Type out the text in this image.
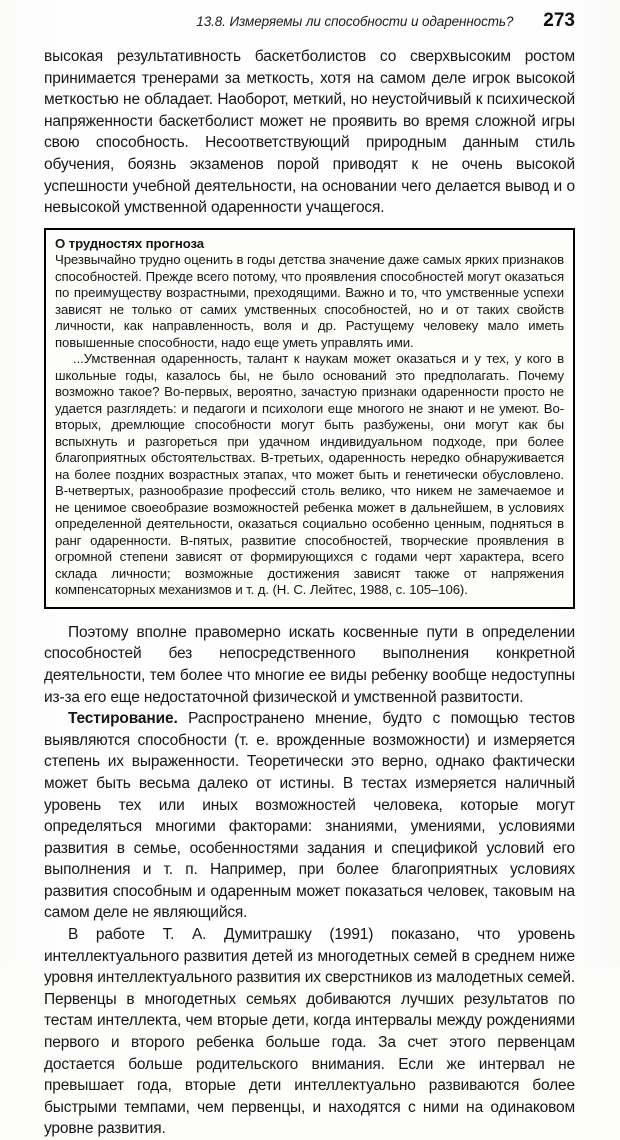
13.8. Измеряемы ли способности и одаренность? 273

высокая результативность баскетболистов со сверхвысоким ростом принимается тренерами за меткость, хотя на самом деле игрок высокой меткостью не обладает. Наоборот, меткий, но неустойчивый к психической напряженности баскетболист может не проявить во время сложной игры свою способность. Несоответствующий природным данным стиль обучения, боязнь экзаменов порой приводят к не очень высокой успешности учебной деятельности, на основании чего делается вывод и о невысокой умственной одаренности учащегося.

О трудностях прогноза

Чрезвычайно трудно оценить в годы детства значение даже самых ярких признаков способностей. Прежде всего потому, что проявления способностей могут оказаться по преимуществу возрастными, преходящими. Важно и то, что умственные успехи зависят не только от самих умственных способностей, но и от таких свойств личности, как направленность, воля и др. Растущему человеку мало иметь повышенные способности, надо еще уметь управлять ими.

...Умственная одаренность, талант к наукам может оказаться и у тех, у кого в школьные годы, казалось бы, не было оснований это предполагать. Почему возможно такое? Во-первых, вероятно, зачастую признаки одаренности просто не удается разглядеть: и педагоги и психологи еще многого не знают и не умеют. Во-вторых, дремлющие способности могут быть разбужены, они могут как бы вспыхнуть и разгореться при удачном индивидуальном подходе, при более благоприятных обстоятельствах. В-третьих, одаренность нередко обнаруживается на более поздних возрастных этапах, что может быть и генетически обусловлено. В-четвертых, разнообразие профессий столь велико, что никем не замечаемое и не ценимое своеобразие возможностей ребенка может в дальнейшем, в условиях определенной деятельности, оказаться социально особенно ценным, подняться в ранг одаренности. В-пятых, развитие способностей, творческие проявления в огромной степени зависят от формирующихся с годами черт характера, всего склада личности; возможные достижения зависят также от напряжения компенсаторных механизмов и т. д. (Н. С. Лейтес, 1988, с. 105–106).

Поэтому вполне правомерно искать косвенные пути в определении способностей без непосредственного выполнения конкретной деятельности, тем более что многие ее виды ребенку вообще недоступны из-за его еще недостаточной физической и умственной развитости.

Тестирование. Распространено мнение, будто с помощью тестов выявляются способности (т. е. врожденные возможности) и измеряется степень их выраженности. Теоретически это верно, однако фактически может быть весьма далеко от истины. В тестах измеряется наличный уровень тех или иных возможностей человека, которые могут определяться многими факторами: знаниями, умениями, условиями развития в семье, особенностями задания и спецификой условий его выполнения и т. п. Например, при более благоприятных условиях развития способным и одаренным может показаться человек, таковым на самом деле не являющийся.

В работе Т. А. Думитрашку (1991) показано, что уровень интеллектуального развития детей из многодетных семей в среднем ниже уровня интеллектуального развития их сверстников из малодетных семей. Первенцы в многодетных семьях добиваются лучших результатов по тестам интеллекта, чем вторые дети, когда интервалы между рождениями первого и второго ребенка больше года. За счет этого первенцам достается больше родительского внимания. Если же интервал не превышает года, вторые дети интеллектуально развиваются более быстрыми темпами, чем первенцы, и находятся с ними на одинаковом уровне развития.
